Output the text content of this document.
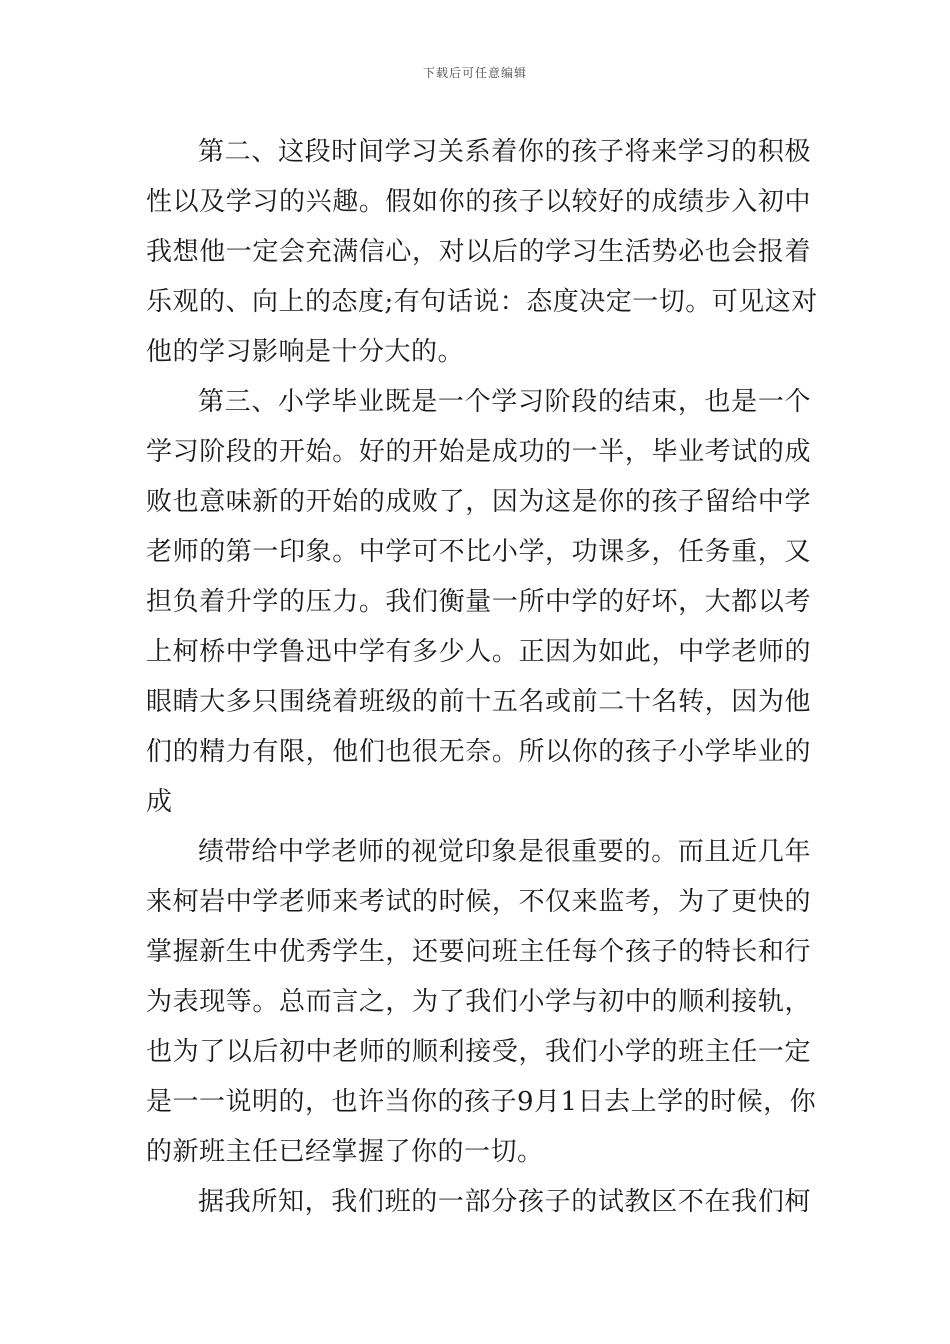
下载后可任意编辑
第二、这段时间学习关系着你的孩子将来学习的积极
性以及学习的兴趣。假如你的孩子以较好的成绩步入初中
我想他一定会充满信心，对以后的学习生活势必也会报着
乐观的、向上的态度;有句话说：态度决定一切。可见这对
他的学习影响是十分大的。
第三、小学毕业既是一个学习阶段的结束，也是一个
学习阶段的开始。好的开始是成功的一半，毕业考试的成
败也意味新的开始的成败了，因为这是你的孩子留给中学
老师的第一印象。中学可不比小学，功课多，任务重，又
担负着升学的压力。我们衡量一所中学的好坏，大都以考
上柯桥中学鲁迅中学有多少人。正因为如此，中学老师的
眼睛大多只围绕着班级的前十五名或前二十名转，因为他
们的精力有限，他们也很无奈。所以你的孩子小学毕业的
成
绩带给中学老师的视觉印象是很重要的。而且近几年
来柯岩中学老师来考试的时候，不仅来监考，为了更快的
掌握新生中优秀学生，还要问班主任每个孩子的特长和行
为表现等。总而言之，为了我们小学与初中的顺利接轨，
也为了以后初中老师的顺利接受，我们小学的班主任一定
是一一说明的，也许当你的孩子9月1日去上学的时候，你
的新班主任已经掌握了你的一切。
据我所知，我们班的一部分孩子的试教区不在我们柯
